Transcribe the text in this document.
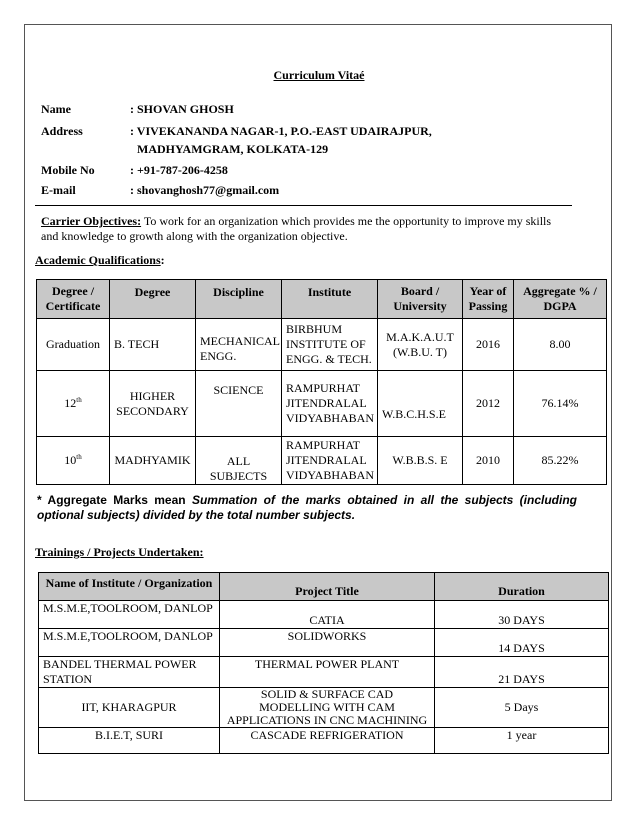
Curriculum Vitaé
Name	: SHOVAN GHOSH
Address	: VIVEKANANDA NAGAR-1, P.O.-EAST UDAIRAJPUR,
MADHYAMGRAM, KOLKATA-129
Mobile No	: +91-787-206-4258
E-mail	: shovanghosh77@gmail.com
Carrier Objectives: To work for an organization which provides me the opportunity to improve my skills and knowledge to growth along with the organization objective.
Academic Qualifications:
Degree / Certificate	Degree	Discipline	Institute	Board / University	Year of Passing	Aggregate % / DGPA
Graduation	B. TECH	MECHANICAL ENGG.	BIRBHUM INSTITUTE OF ENGG. & TECH.	M.A.K.A.U.T (W.B.U. T)	2016	8.00
12th	HIGHER SECONDARY	SCIENCE	RAMPURHAT JITENDRALAL VIDYABHABAN	W.B.C.H.S.E	2012	76.14%
10th	MADHYAMIK	ALL SUBJECTS	RAMPURHAT JITENDRALAL VIDYABHABAN	W.B.B.S. E	2010	85.22%
* Aggregate Marks mean Summation of the marks obtained in all the subjects (including optional subjects) divided by the total number subjects.
Trainings / Projects Undertaken:
Name of Institute / Organization	Project Title	Duration
M.S.M.E,TOOLROOM, DANLOP	CATIA	30 DAYS
M.S.M.E,TOOLROOM, DANLOP	SOLIDWORKS	14 DAYS
BANDEL THERMAL POWER STATION	THERMAL POWER PLANT	21 DAYS
IIT, KHARAGPUR	SOLID & SURFACE CAD MODELLING WITH CAM APPLICATIONS IN CNC MACHINING	5 Days
B.I.E.T, SURI	CASCADE REFRIGERATION	1 year
